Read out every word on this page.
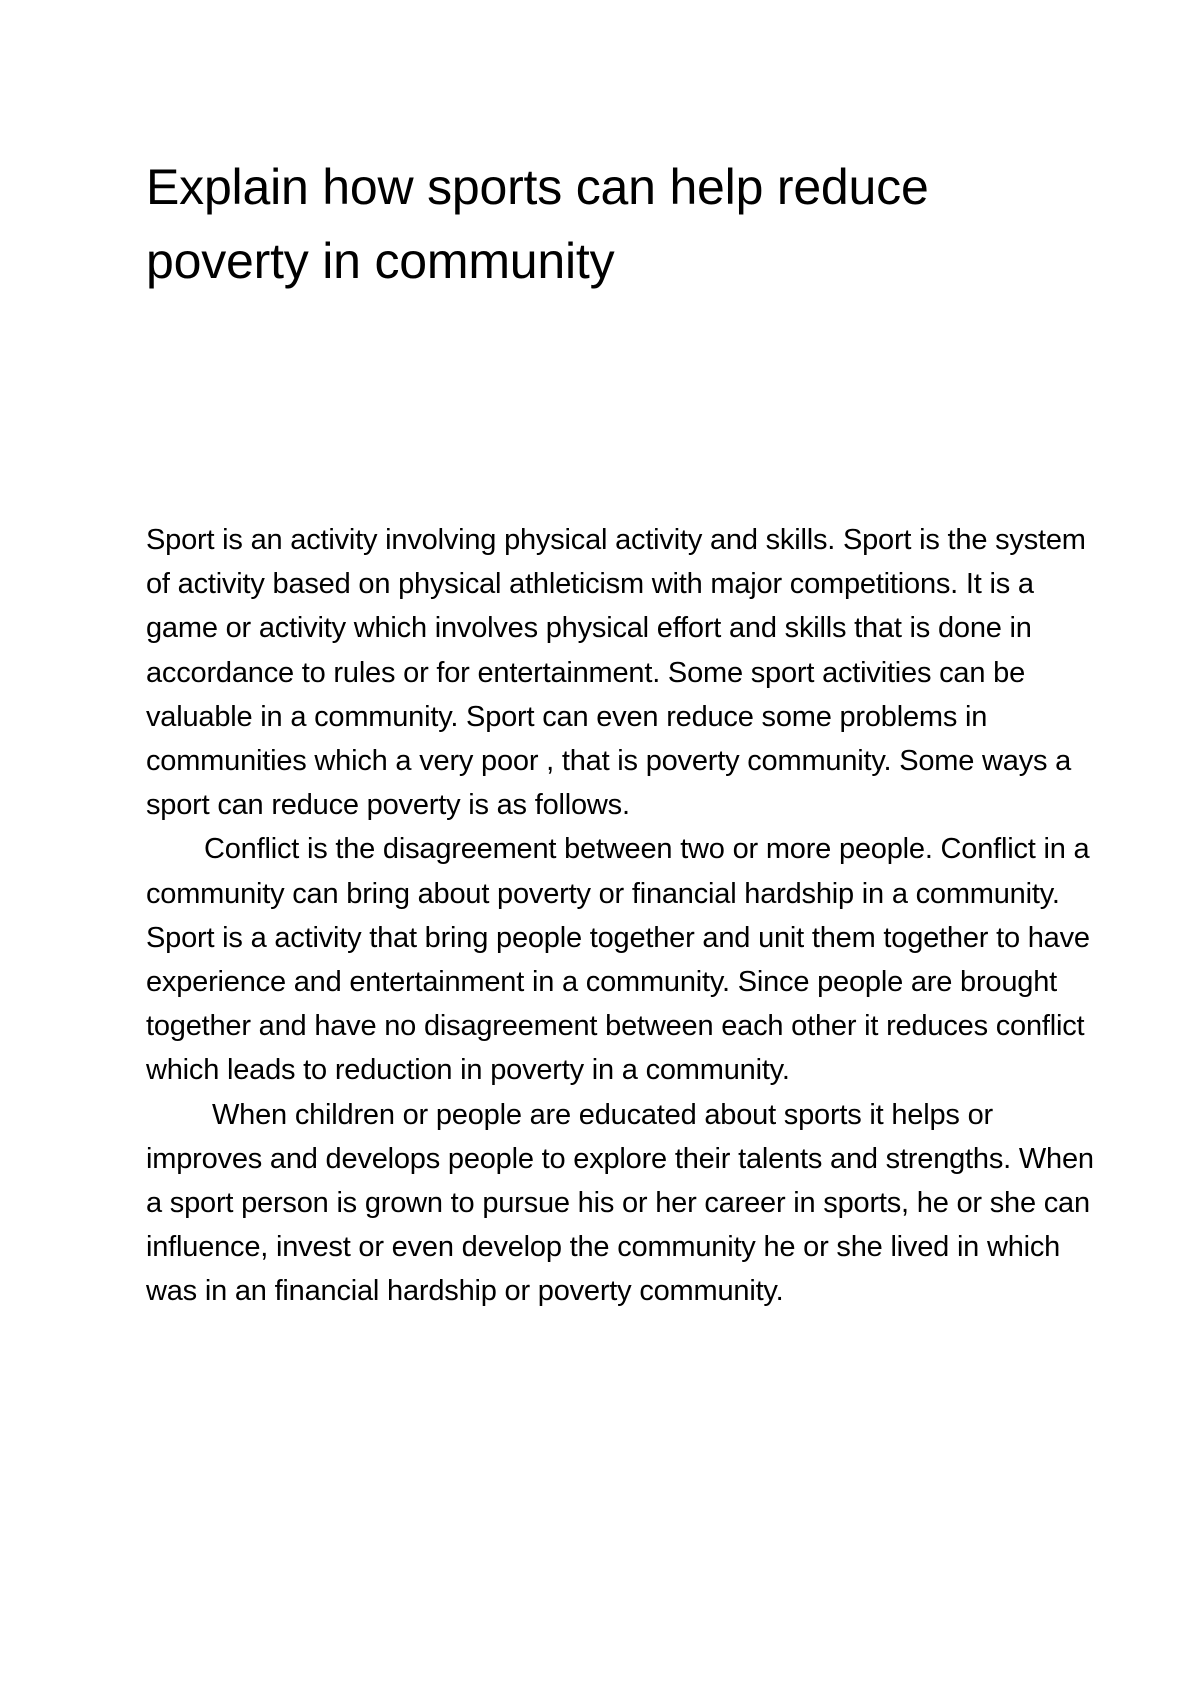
Explain how sports can help reduce poverty in community

Sport is an activity involving physical activity and skills. Sport is the system of activity based on physical athleticism with major competitions. It is a game or activity which involves physical effort and skills that is done in accordance to rules or for entertainment. Some sport activities can be valuable in a community. Sport can even reduce some problems in communities which a very poor , that is poverty community. Some ways a sport can reduce poverty is as follows.

Conflict is the disagreement between two or more people. Conflict in a community can bring about poverty or financial hardship in a community. Sport is a activity that bring people together and unit them together to have experience and entertainment in a community. Since people are brought together and have no disagreement between each other it reduces conflict which leads to reduction in poverty in a community.

When children or people are educated about sports it helps or improves and develops people to explore their talents and strengths. When a sport person is grown to pursue his or her career in sports, he or she can influence, invest or even develop the community he or she lived in which was in an financial hardship or poverty community.
